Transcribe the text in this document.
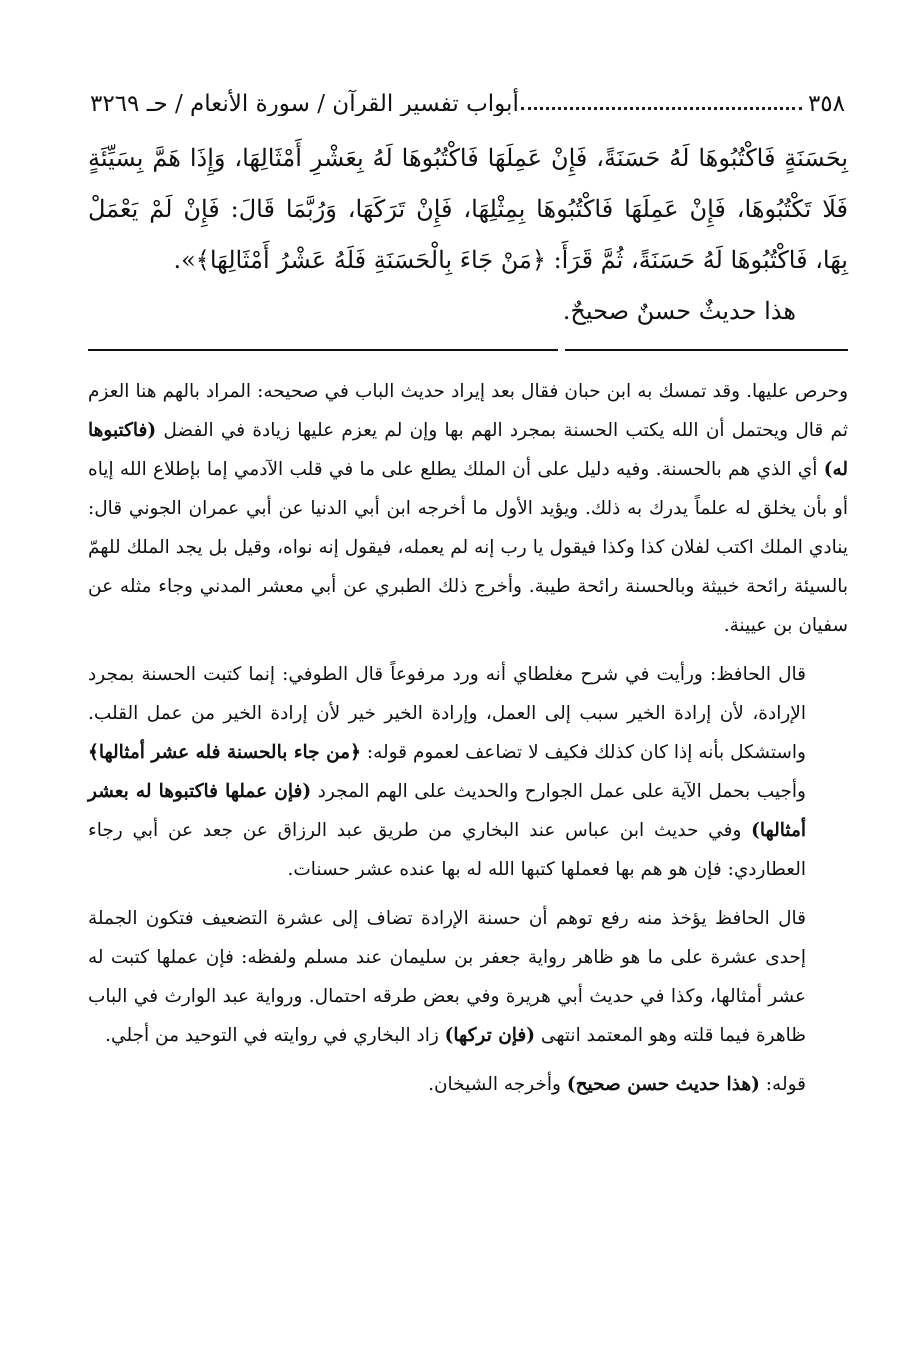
٣٥٨
أبواب تفسير القرآن / سورة الأنعام / حـ ٣٢٦٩

بِحَسَنَةٍ فَاكْتُبُوهَا لَهُ حَسَنَةً، فَإِنْ عَمِلَهَا فَاكْتُبُوهَا لَهُ بِعَشْرِ أَمْثَالِهَا، وَإِذَا هَمَّ بِسَيِّئَةٍ فَلَا تَكْتُبُوهَا، فَإِنْ عَمِلَهَا فَاكْتُبُوهَا بِمِثْلِهَا، فَإِنْ تَرَكَهَا، وَرُبَّمَا قَالَ: فَإِنْ لَمْ يَعْمَلْ بِهَا، فَاكْتُبُوهَا لَهُ حَسَنَةً، ثُمَّ قَرَأَ: ﴿مَنْ جَاءَ بِالْحَسَنَةِ فَلَهُ عَشْرُ أَمْثَالِهَا﴾».

هذا حديثٌ حسنٌ صحيحٌ.

وحرص عليها. وقد تمسك به ابن حبان فقال بعد إيراد حديث الباب في صحيحه: المراد بالهم هنا العزم ثم قال ويحتمل أن الله يكتب الحسنة بمجرد الهم بها وإن لم يعزم عليها زيادة في الفضل (فاكتبوها له) أي الذي هم بالحسنة. وفيه دليل على أن الملك يطلع على ما في قلب الآدمي إما بإطلاع الله إياه أو بأن يخلق له علماً يدرك به ذلك. ويؤيد الأول ما أخرجه ابن أبي الدنيا عن أبي عمران الجوني قال: ينادي الملك اكتب لفلان كذا وكذا فيقول يا رب إنه لم يعمله، فيقول إنه نواه، وقيل بل يجد الملك للهمّ بالسيئة رائحة خبيثة وبالحسنة رائحة طيبة. وأخرج ذلك الطبري عن أبي معشر المدني وجاء مثله عن سفيان بن عيينة.

قال الحافظ: ورأيت في شرح مغلطاي أنه ورد مرفوعاً قال الطوفي: إنما كتبت الحسنة بمجرد الإرادة، لأن إرادة الخير سبب إلى العمل، وإرادة الخير خير لأن إرادة الخير من عمل القلب. واستشكل بأنه إذا كان كذلك فكيف لا تضاعف لعموم قوله: ﴿من جاء بالحسنة فله عشر أمثالها﴾ وأجيب بحمل الآية على عمل الجوارح والحديث على الهم المجرد (فإن عملها فاكتبوها له بعشر أمثالها) وفي حديث ابن عباس عند البخاري من طريق عبد الرزاق عن جعد عن أبي رجاء العطاردي: فإن هو هم بها فعملها كتبها الله له بها عنده عشر حسنات.

قال الحافظ يؤخذ منه رفع توهم أن حسنة الإرادة تضاف إلى عشرة التضعيف فتكون الجملة إحدى عشرة على ما هو ظاهر رواية جعفر بن سليمان عند مسلم ولفظه: فإن عملها كتبت له عشر أمثالها، وكذا في حديث أبي هريرة وفي بعض طرقه احتمال. ورواية عبد الوارث في الباب ظاهرة فيما قلته وهو المعتمد انتهى (فإن تركها) زاد البخاري في روايته في التوحيد من أجلي.

قوله: (هذا حديث حسن صحيح) وأخرجه الشيخان.
